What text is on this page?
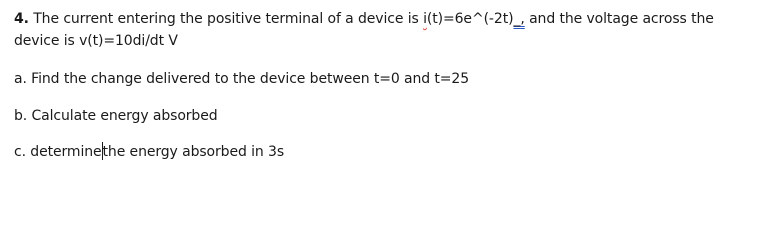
4. The current entering the positive terminal of a device is i(t)=6e^(-2t)_, and the voltage across the
device is v(t)=10di/dt V
a. Find the change delivered to the device between t=0 and t=25
b. Calculate energy absorbed
c. determinethe energy absorbed in 3s
